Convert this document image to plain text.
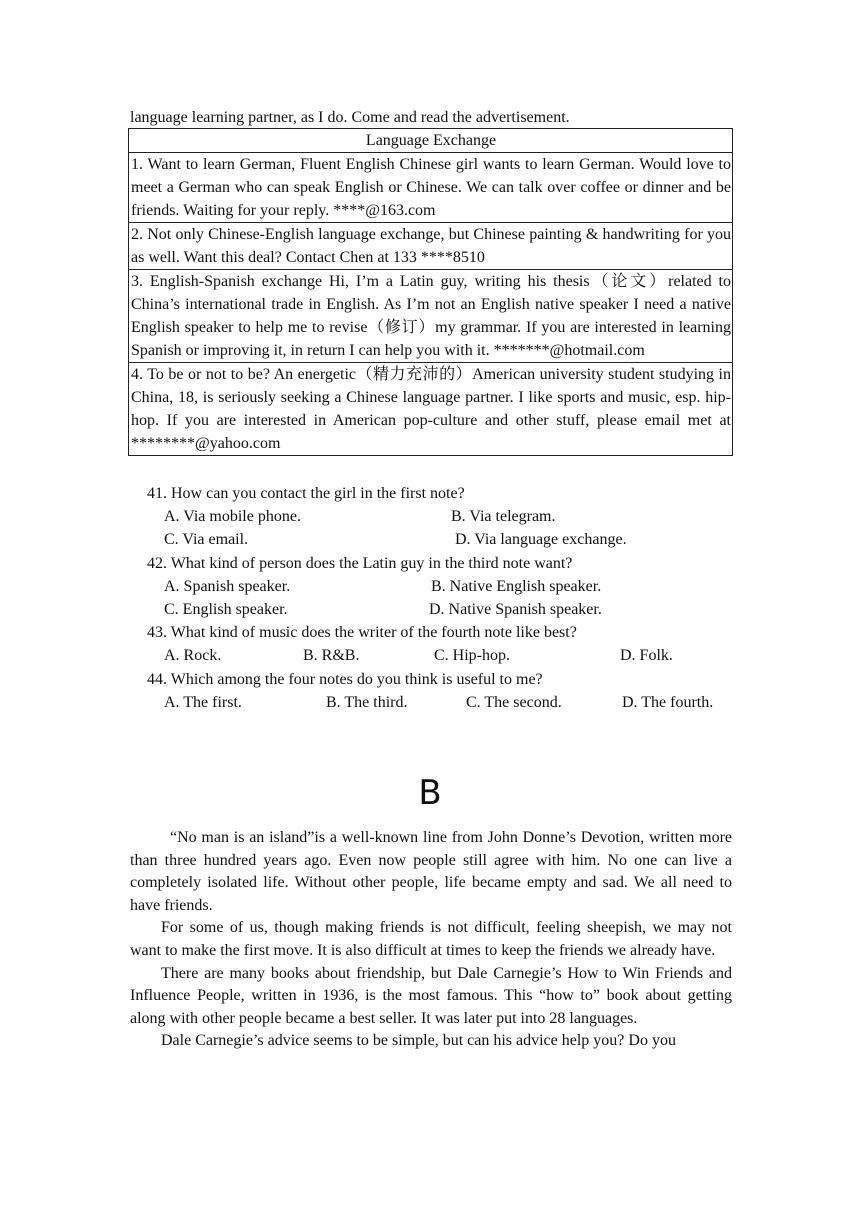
language learning partner, as I do. Come and read the advertisement.
Language Exchange
1. Want to learn German, Fluent English Chinese girl wants to learn German. Would love to meet a German who can speak English or Chinese. We can talk over coffee or dinner and be friends. Waiting for your reply. ****@163.com
2. Not only Chinese-English language exchange, but Chinese painting & handwriting for you as well. Want this deal? Contact Chen at 133 ****8510
3. English-Spanish exchange Hi, I’m a Latin guy, writing his thesis（论文）related to China’s international trade in English. As I’m not an English native speaker I need a native English speaker to help me to revise（修订）my grammar. If you are interested in learning Spanish or improving it, in return I can help you with it. *******@hotmail.com
4. To be or not to be? An energetic（精力充沛的）American university student studying in China, 18, is seriously seeking a Chinese language partner. I like sports and music, esp. hip-hop. If you are interested in American pop-culture and other stuff, please email met at ********@yahoo.com
41. How can you contact the girl in the first note?
A. Via mobile phone.	B. Via telegram.
C. Via email.	D. Via language exchange.
42. What kind of person does the Latin guy in the third note want?
A. Spanish speaker.	B. Native English speaker.
C. English speaker.	D. Native Spanish speaker.
43. What kind of music does the writer of the fourth note like best?
A. Rock.	B. R&B.	C. Hip-hop.	D. Folk.
44. Which among the four notes do you think is useful to me?
A. The first.	B. The third.	C. The second.	D. The fourth.
B

“No man is an island”is a well-known line from John Donne’s Devotion, written more than three hundred years ago. Even now people still agree with him. No one can live a completely isolated life. Without other people, life became empty and sad. We all need to have friends.

For some of us, though making friends is not difficult, feeling sheepish, we may not want to make the first move. It is also difficult at times to keep the friends we already have.

There are many books about friendship, but Dale Carnegie’s How to Win Friends and Influence People, written in 1936, is the most famous. This “how to” book about getting along with other people became a best seller. It was later put into 28 languages.

Dale Carnegie’s advice seems to be simple, but can his advice help you? Do you
